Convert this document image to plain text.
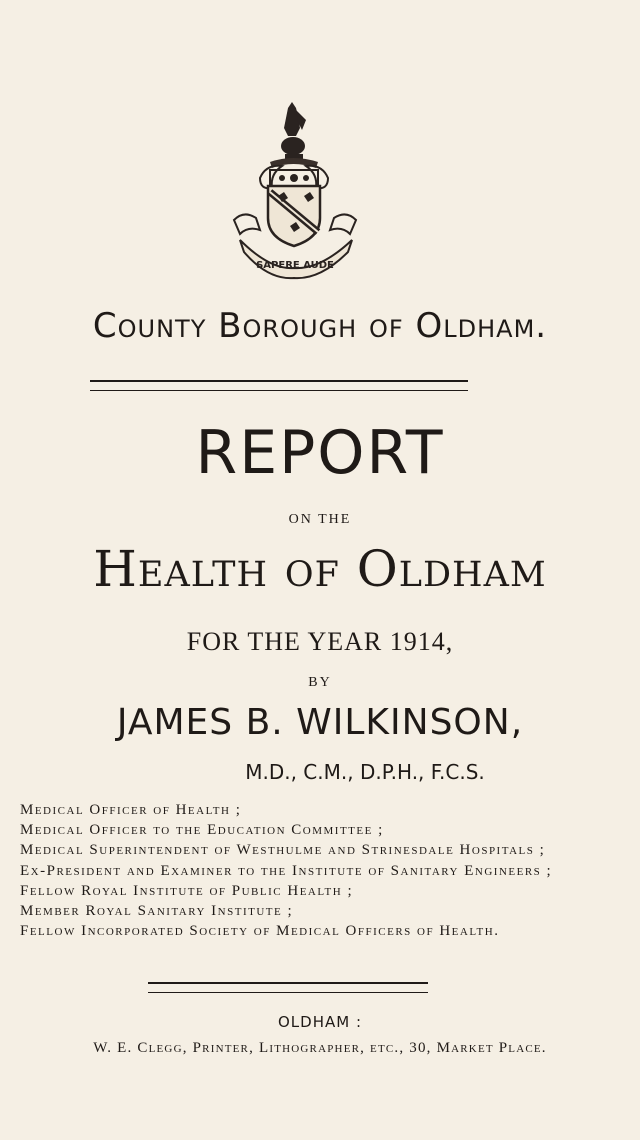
SAPERE AUDE
County Borough of Oldham.
REPORT
ON THE
Health of Oldham
FOR THE YEAR 1914,
BY
JAMES B. WILKINSON,
M.D., C.M., D.P.H., F.C.S.
Medical Officer of Health ;
Medical Officer to the Education Committee ;
Medical Superintendent of Westhulme and Strinesdale Hospitals ;
Ex-President and Examiner to the Institute of Sanitary Engineers ;
Fellow Royal Institute of Public Health ;
Member Royal Sanitary Institute ;
Fellow Incorporated Society of Medical Officers of Health.
OLDHAM :
W. E. Clegg, Printer, Lithographer, etc., 30, Market Place.
